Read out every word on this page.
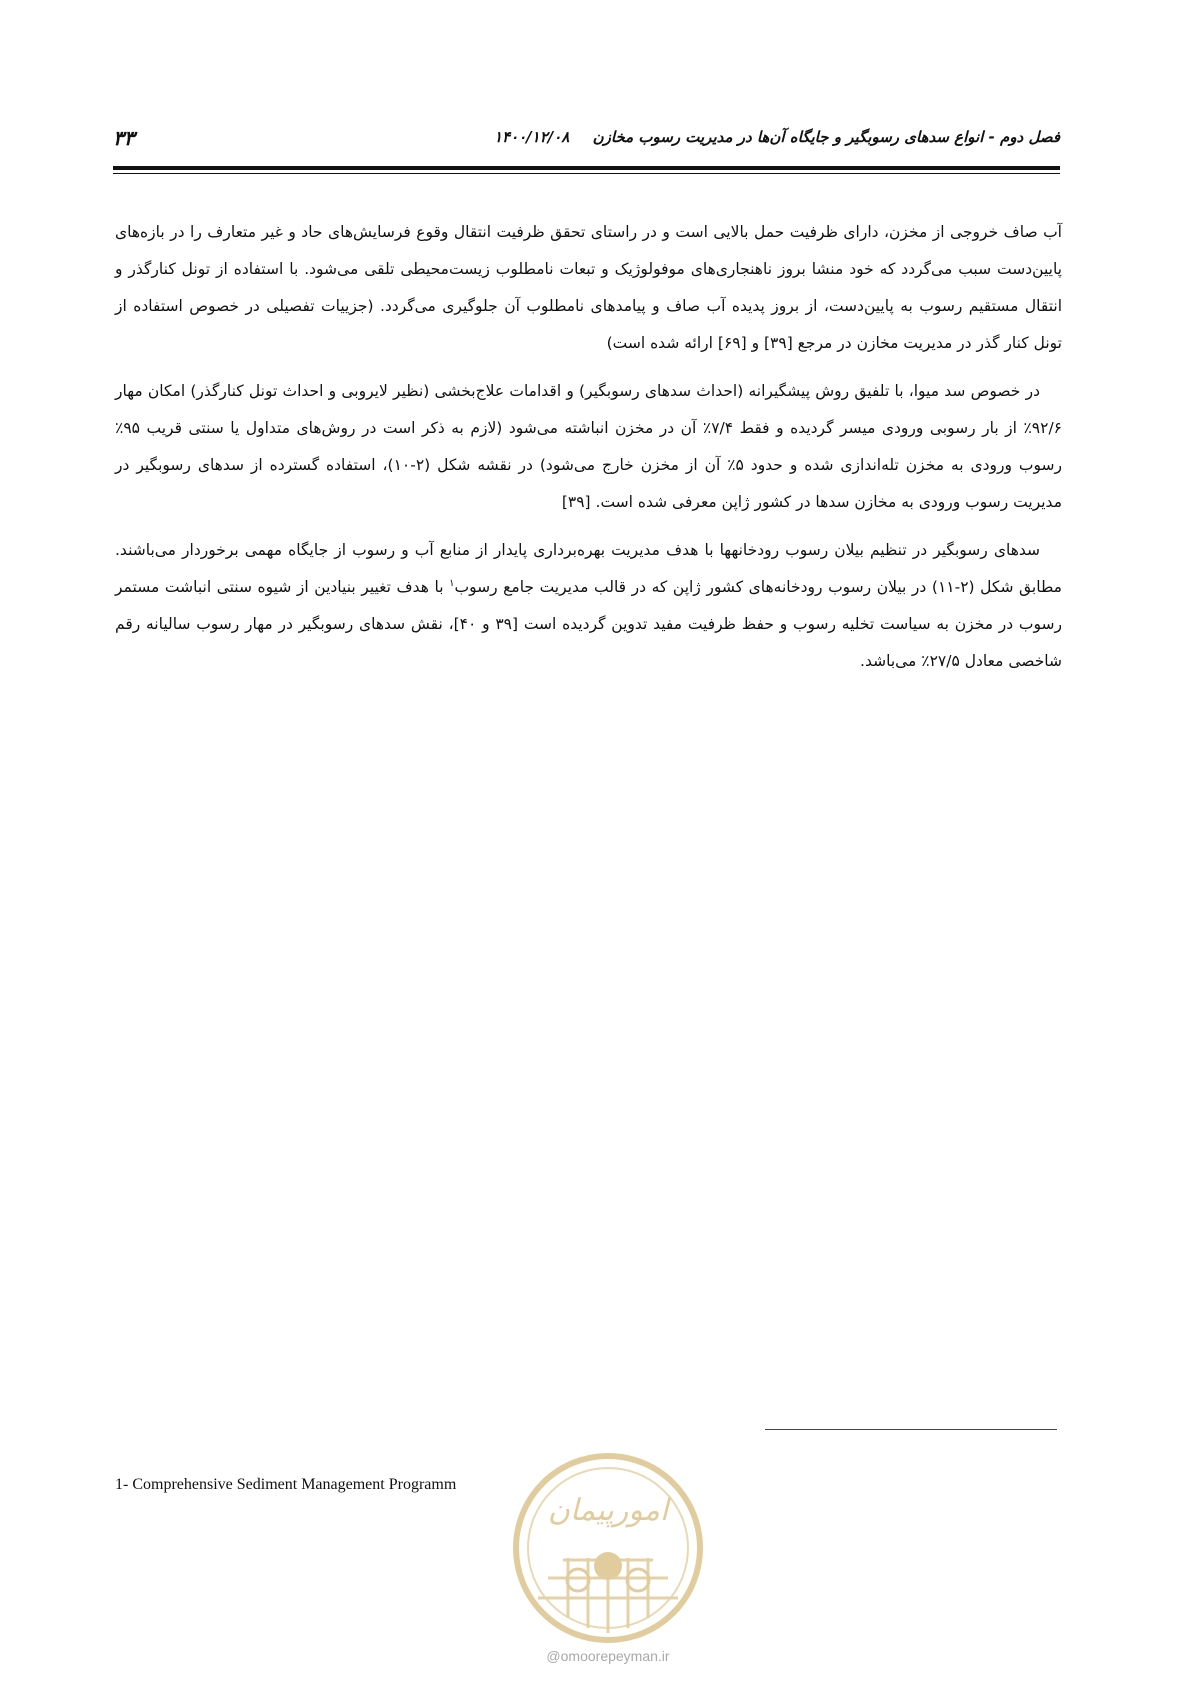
۳۳	فصل دوم - انواع سدهای رسوبگیر و جایگاه آن‌ها در مدیریت رسوب مخازن ۱۴۰۰/۱۲/۰۸

آب صاف خروجی از مخزن، دارای ظرفیت حمل بالایی است و در راستای تحقق ظرفیت انتقال وقوع فرسایش‌های حاد و غیر متعارف را در بازه‌های پایین‌دست سبب می‌گردد که خود منشا بروز ناهنجاری‌های موفولوژیک و تبعات نامطلوب زیست‌محیطی تلقی می‌شود. با استفاده از تونل کنارگذر و انتقال مستقیم رسوب به پایین‌دست، از بروز پدیده آب صاف و پیامدهای نامطلوب آن جلوگیری می‌گردد. (جزییات تفصیلی در خصوص استفاده از تونل کنار گذر در مدیریت مخازن در مرجع [۳۹] و [۶۹] ارائه شده است)

در خصوص سد میوا، با تلفیق روش پیشگیرانه (احداث سدهای رسوبگیر) و اقدامات علاج‌بخشی (نظیر لایروبی و احداث تونل کنارگذر) امکان مهار ۹۲/۶٪ از بار رسوبی ورودی میسر گردیده و فقط ۷/۴٪ آن در مخزن انباشته می‌شود (لازم به ذکر است در روش‌های متداول یا سنتی قریب ۹۵٪ رسوب ورودی به مخزن تله‌اندازی شده و حدود ۵٪ آن از مخزن خارج می‌شود) در نقشه شکل (۲-۱۰)، استفاده گسترده از سدهای رسوبگیر در مدیریت رسوب ورودی به مخازن سدها در کشور ژاپن معرفی شده است. [۳۹]

سدهای رسوبگیر در تنظیم بیلان رسوب رودخانهها با هدف مدیریت بهره‌برداری پایدار از منابع آب و رسوب از جایگاه مهمی برخوردار می‌باشند. مطابق شکل (۲-۱۱) در بیلان رسوب رودخانه‌های کشور ژاپن که در قالب مدیریت جامع رسوب$^۱$ با هدف تغییر بنیادین از شیوه سنتی انباشت مستمر رسوب در مخزن به سیاست تخلیه رسوب و حفظ ظرفیت مفید تدوین گردیده است [۳۹ و ۴۰]، نقش سدهای رسوبگیر در مهار رسوب سالیانه رقم شاخصی معادل ۲۷/۵٪ می‌باشد.

1- Comprehensive Sediment Management Programm
امورپیمان
@omoorepeyman.ir
